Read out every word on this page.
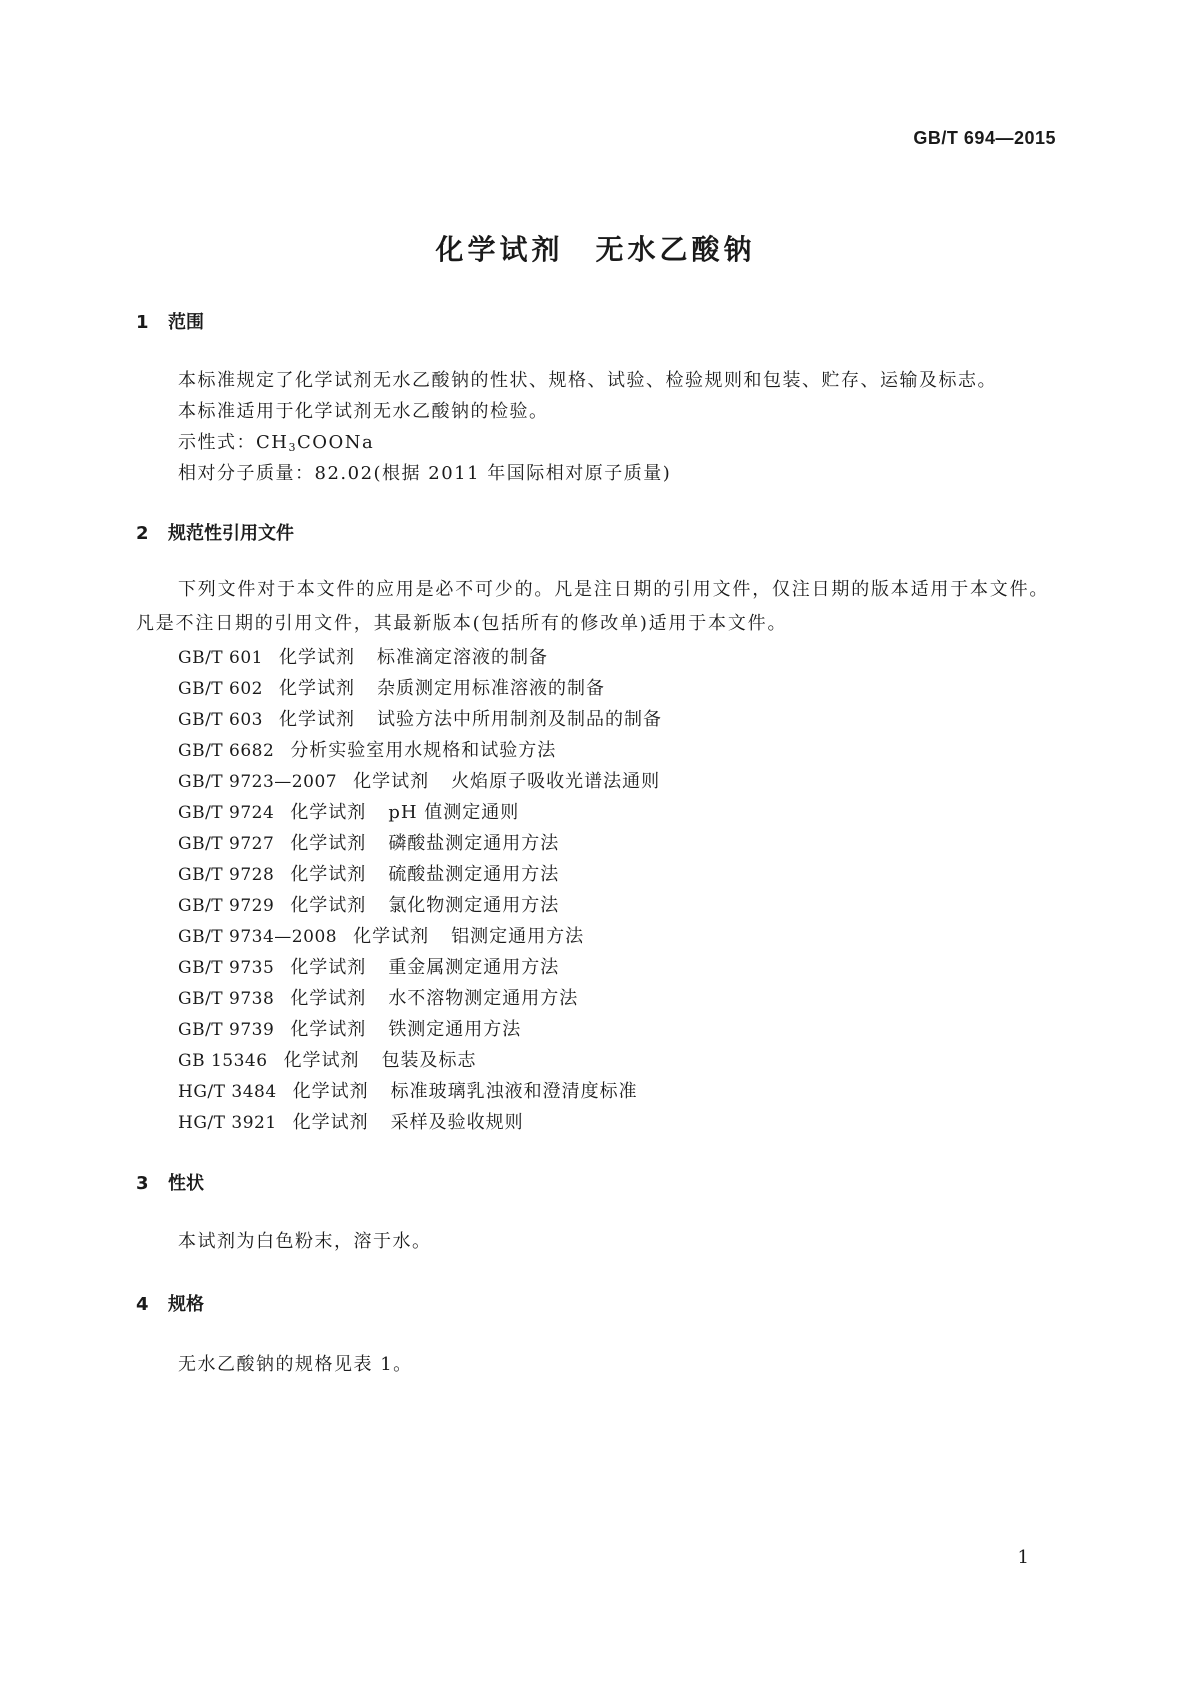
GB/T 694—2015
化学试剂　无水乙酸钠
1 范围
本标准规定了化学试剂无水乙酸钠的性状、规格、试验、检验规则和包装、贮存、运输及标志。
本标准适用于化学试剂无水乙酸钠的检验。
示性式：$CH_3COONa$
相对分子质量：82.02(根据 2011 年国际相对原子质量)
2 规范性引用文件
下列文件对于本文件的应用是必不可少的。凡是注日期的引用文件，仅注日期的版本适用于本文件。凡是不注日期的引用文件，其最新版本(包括所有的修改单)适用于本文件。
GB/T 601 化学试剂 标准滴定溶液的制备
GB/T 602 化学试剂 杂质测定用标准溶液的制备
GB/T 603 化学试剂 试验方法中所用制剂及制品的制备
GB/T 6682 分析实验室用水规格和试验方法
GB/T 9723—2007 化学试剂 火焰原子吸收光谱法通则
GB/T 9724 化学试剂 pH 值测定通则
GB/T 9727 化学试剂 磷酸盐测定通用方法
GB/T 9728 化学试剂 硫酸盐测定通用方法
GB/T 9729 化学试剂 氯化物测定通用方法
GB/T 9734—2008 化学试剂 铝测定通用方法
GB/T 9735 化学试剂 重金属测定通用方法
GB/T 9738 化学试剂 水不溶物测定通用方法
GB/T 9739 化学试剂 铁测定通用方法
GB 15346 化学试剂 包装及标志
HG/T 3484 化学试剂 标准玻璃乳浊液和澄清度标准
HG/T 3921 化学试剂 采样及验收规则
3 性状
本试剂为白色粉末，溶于水。
4 规格
无水乙酸钠的规格见表 1。
1
